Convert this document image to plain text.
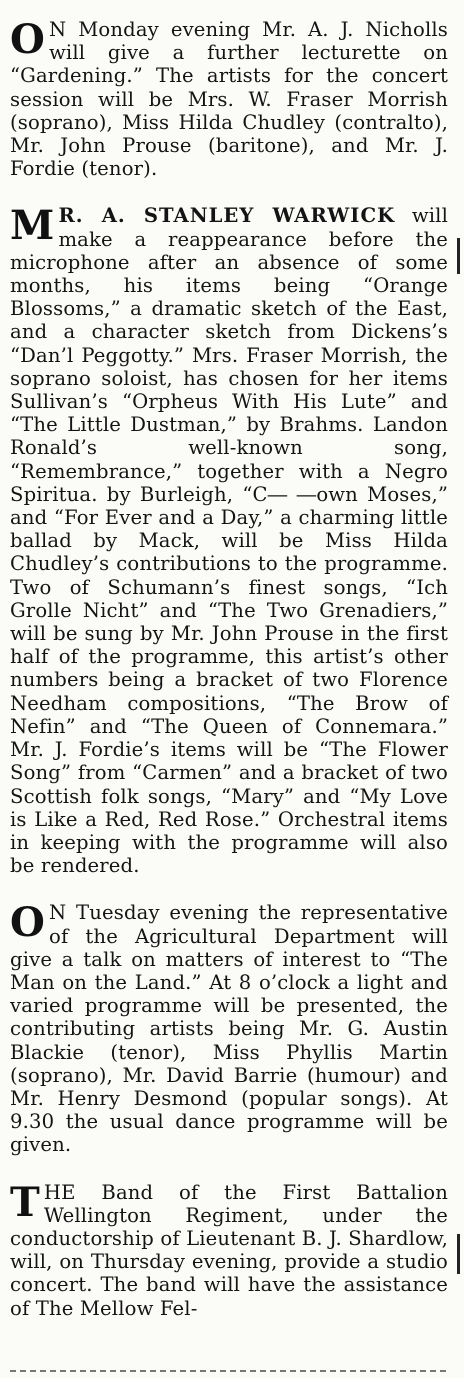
O N Monday evening Mr. A. J. Nicholls will give a further lecturette on “Gardening.” The artists for the concert session will be Mrs. W. Fraser Morrish (soprano), Miss Hilda Chudley (contralto), Mr. John Prouse (baritone), and Mr. J. Fordie (tenor).

M R. A. STANLEY WARWICK will make a reappearance before the microphone after an absence of some months, his items being “Orange Blossoms,” a dramatic sketch of the East, and a character sketch from Dickens’s “Dan’l Peggotty.” Mrs. Fraser Morrish, the soprano soloist, has chosen for her items Sullivan’s “Orpheus With His Lute” and “The Little Dustman,” by Brahms. Landon Ronald’s well-known song, “Remembrance,” together with a Negro Spiritua. by Burleigh, “C― ―own Moses,” and “For Ever and a Day,” a charming little ballad by Mack, will be Miss Hilda Chudley’s contributions to the programme. Two of Schumann’s finest songs, “Ich Grolle Nicht” and “The Two Grenadiers,” will be sung by Mr. John Prouse in the first half of the programme, this artist’s other numbers being a bracket of two Florence Needham compositions, “The Brow of Nefin” and “The Queen of Connemara.” Mr. J. Fordie’s items will be “The Flower Song” from “Carmen” and a bracket of two Scottish folk songs, “Mary” and “My Love is Like a Red, Red Rose.” Orchestral items in keeping with the programme will also be rendered.

O N Tuesday evening the representative of the Agricultural Department will give a talk on matters of interest to “The Man on the Land.” At 8 o’clock a light and varied programme will be presented, the contributing artists being Mr. G. Austin Blackie (tenor), Miss Phyllis Martin (soprano), Mr. David Barrie (humour) and Mr. Henry Desmond (popular songs). At 9.30 the usual dance programme will be given.

THE Band of the First Battalion Wellington Regiment, under the conductorship of Lieutenant B. J. Shardlow, will, on Thursday evening, provide a studio concert. The band will have the assistance of The Mellow Fel-
